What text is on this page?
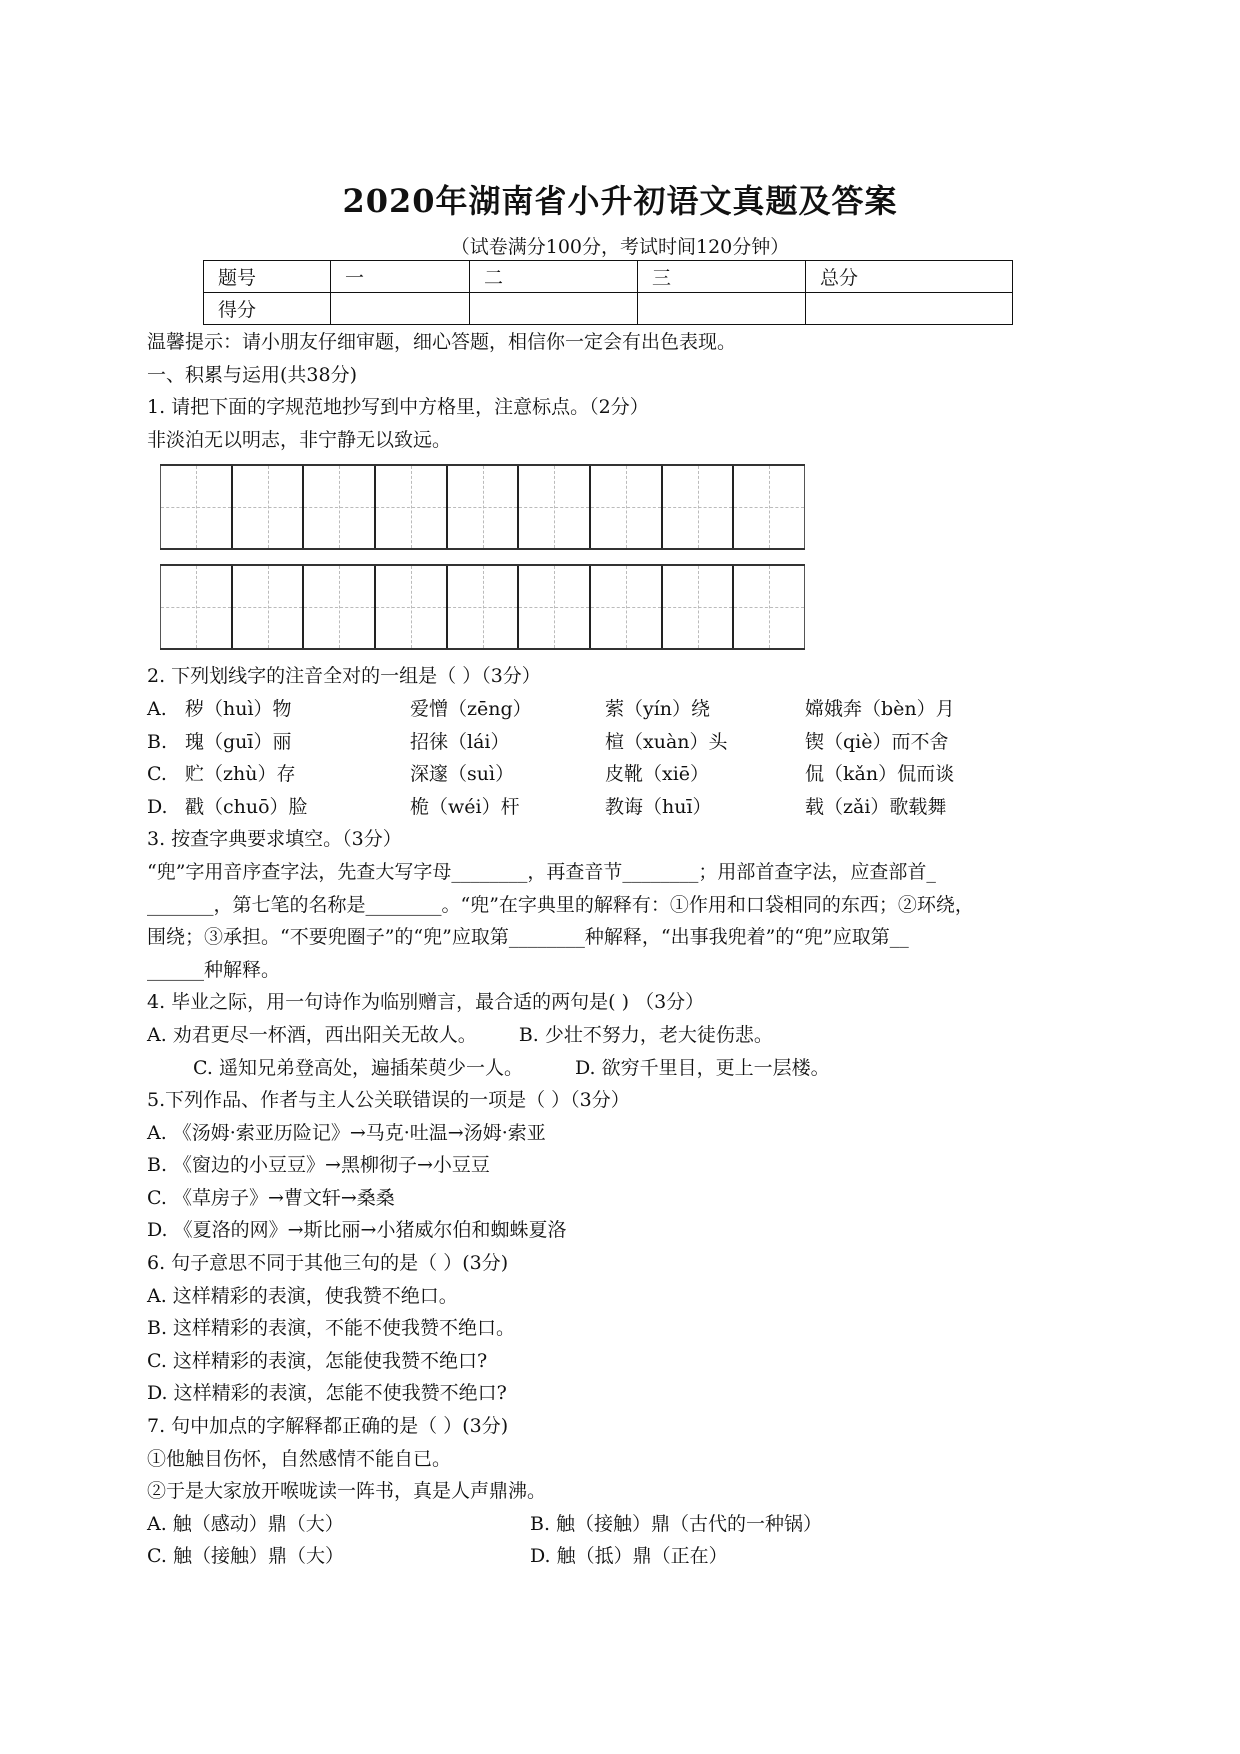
2020年湖南省小升初语文真题及答案
（试卷满分100分，考试时间120分钟）
题号	一	二	三	总分
得分				
温馨提示：请小朋友仔细审题，细心答题，相信你一定会有出色表现。
一、积累与运用(共38分)
1. 请把下面的字规范地抄写到中方格里，注意标点。（2分）
非淡泊无以明志，非宁静无以致远。
2. 下列划线字的注音全对的一组是（ ）（3分）
A. 秽（huì）物	爱憎（zēng）	萦（yín）绕	嫦娥奔（bèn）月
B. 瑰（guī）丽	招徕（lái）	楦（xuàn）头	锲（qiè）而不舍
C. 贮（zhù）存	深邃（suì）	皮靴（xiē）	侃（kǎn）侃而谈
D. 戳（chuō）脸	桅（wéi）杆	教诲（huī）	载（zǎi）歌载舞
3. 按查字典要求填空。（3分）
“兜”字用音序查字法，先查大写字母________，再查音节________；用部首查字法，应查部首_
_______，第七笔的名称是________。“兜”在字典里的解释有：①作用和口袋相同的东西；②环绕，
围绕；③承担。“不要兜圈子”的“兜”应取第________种解释，“出事我兜着”的“兜”应取第__
______种解释。
4. 毕业之际，用一句诗作为临别赠言，最合适的两句是( ) （3分）
A. 劝君更尽一杯酒，西出阳关无故人。 B. 少壮不努力，老大徒伤悲。
C. 遥知兄弟登高处，遍插茱萸少一人。	D. 欲穷千里目，更上一层楼。
5.下列作品、作者与主人公关联错误的一项是（ ）（3分）
A. 《汤姆·索亚历险记》→马克·吐温→汤姆·索亚
B. 《窗边的小豆豆》→黑柳彻子→小豆豆
C. 《草房子》→曹文轩→桑桑
D. 《夏洛的网》→斯比丽→小猪威尔伯和蜘蛛夏洛
6. 句子意思不同于其他三句的是（ ）(3分)
A. 这样精彩的表演，使我赞不绝口。
B. 这样精彩的表演，不能不使我赞不绝口。
C. 这样精彩的表演，怎能使我赞不绝口?
D. 这样精彩的表演，怎能不使我赞不绝口?
7. 句中加点的字解释都正确的是（ ）(3分)
①他触目伤怀，自然感情不能自已。
②于是大家放开喉咙读一阵书，真是人声鼎沸。
A. 触（感动）鼎（大）	B. 触（接触）鼎（古代的一种锅）
C. 触（接触）鼎（大）	D. 触（抵）鼎（正在）
